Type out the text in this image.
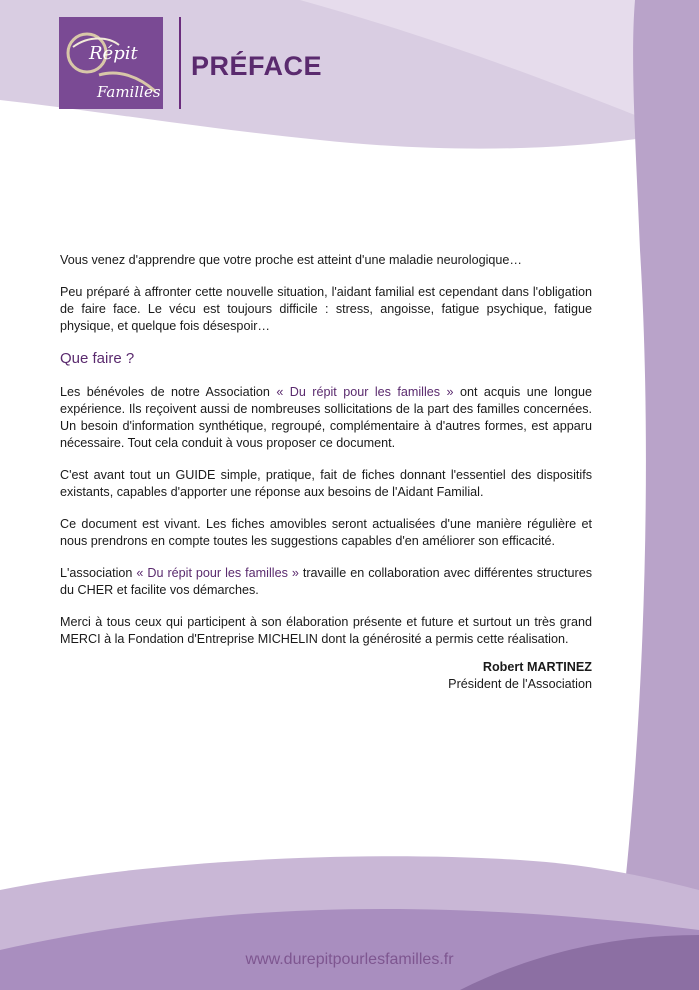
Répit
Familles
PRÉFACE

Vous venez d'apprendre que votre proche est atteint d'une maladie neurologique…

Peu préparé à affronter cette nouvelle situation, l'aidant familial est cependant dans l'obligation de faire face. Le vécu est toujours difficile : stress, angoisse, fatigue psychique, fatigue physique, et quelque fois désespoir…

Que faire ?

Les bénévoles de notre Association « Du répit pour les familles » ont acquis une longue expérience. Ils reçoivent aussi de nombreuses sollicitations de la part des familles concernées. Un besoin d'information synthétique, regroupé, complémentaire à d'autres formes, est apparu nécessaire. Tout cela conduit à vous proposer ce document.

C'est avant tout un GUIDE simple, pratique, fait de fiches donnant l'essentiel des dispositifs existants, capables d'apporter une réponse aux besoins de l'Aidant Familial.

Ce document est vivant. Les fiches amovibles seront actualisées d'une manière régulière et nous prendrons en compte toutes les suggestions capables d'en améliorer son efficacité.

L'association « Du répit pour les familles » travaille en collaboration avec différentes structures du CHER et facilite vos démarches.

Merci à tous ceux qui participent à son élaboration présente et future et surtout un très grand MERCI à la Fondation d'Entreprise MICHELIN dont la générosité a permis cette réalisation.

Robert MARTINEZ
Président de l'Association
www.durepitpourlesfamilles.fr
